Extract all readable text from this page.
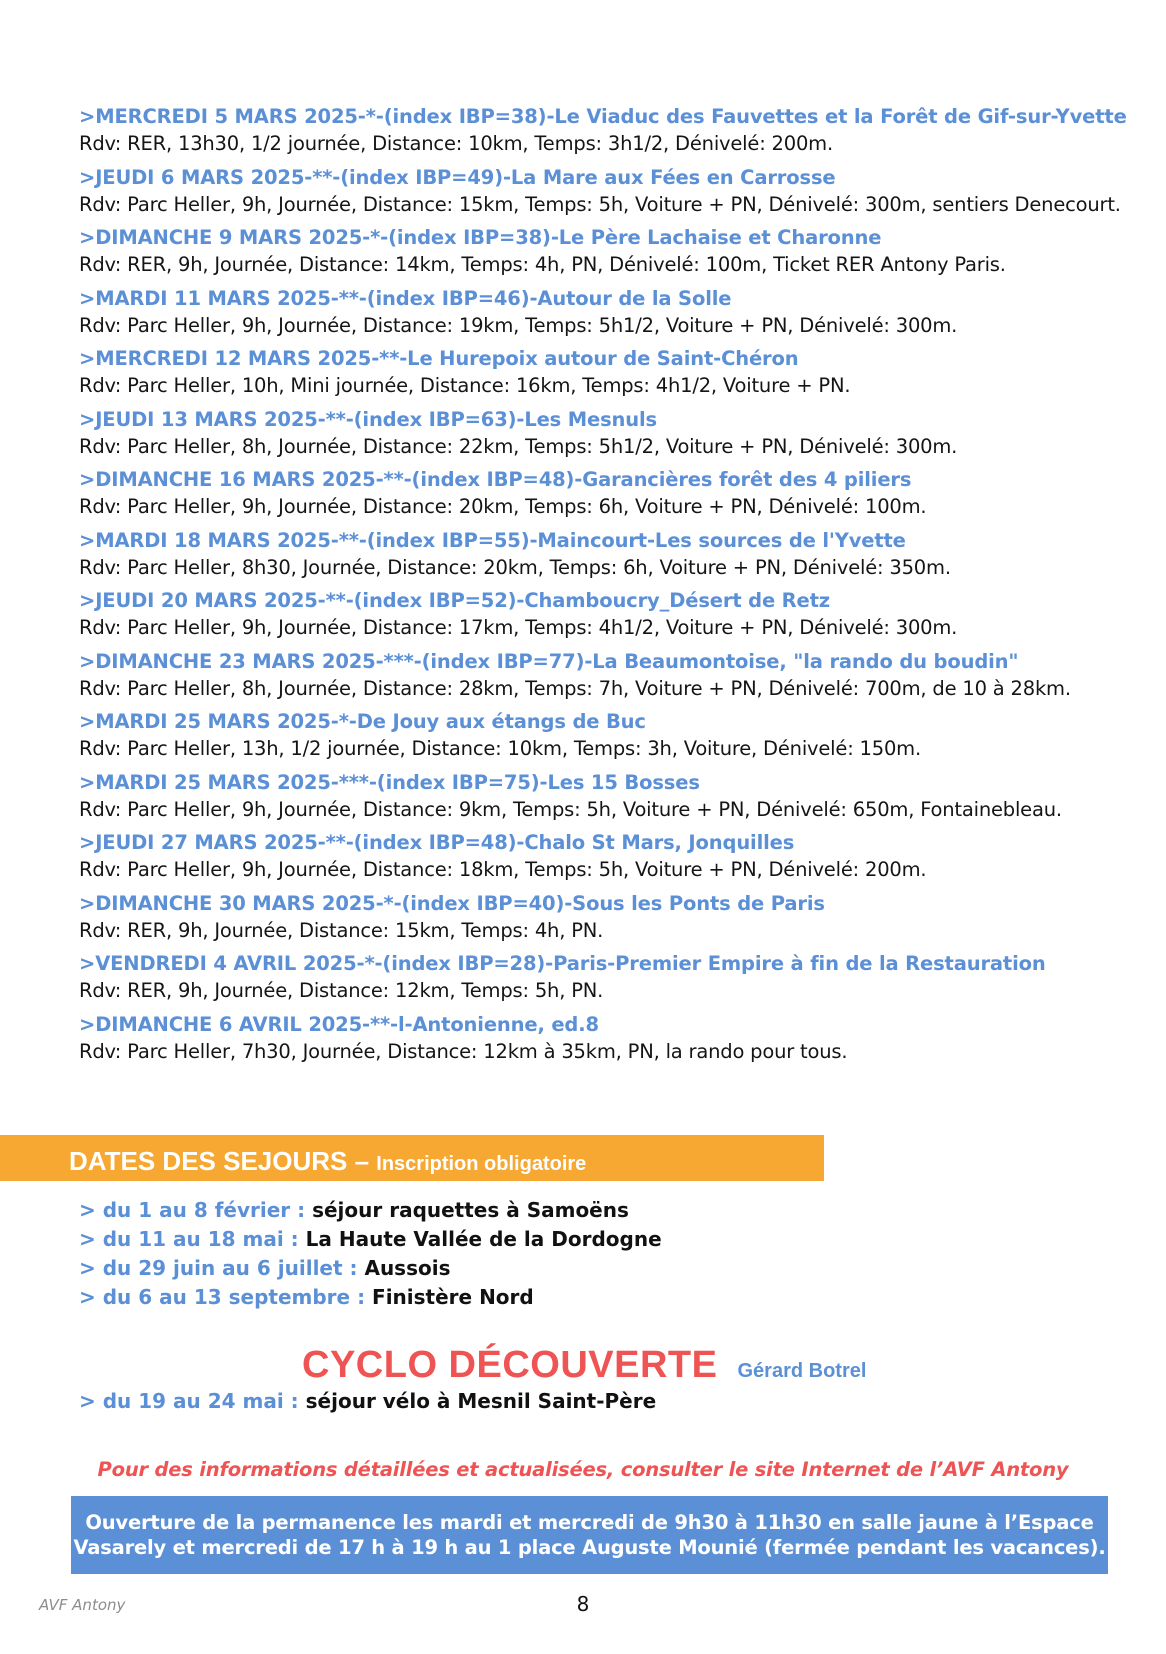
>MERCREDI 5 MARS 2025-*-(index IBP=38)-Le Viaduc des Fauvettes et la Forêt de Gif-sur-Yvette
Rdv: RER, 13h30, 1/2 journée, Distance: 10km, Temps: 3h1/2, Dénivelé: 200m.
>JEUDI 6 MARS 2025-**-(index IBP=49)-La Mare aux Fées en Carrosse
Rdv: Parc Heller, 9h, Journée, Distance: 15km, Temps: 5h, Voiture + PN, Dénivelé: 300m, sentiers Denecourt.
>DIMANCHE 9 MARS 2025-*-(index IBP=38)-Le Père Lachaise et Charonne
Rdv: RER, 9h, Journée, Distance: 14km, Temps: 4h, PN, Dénivelé: 100m, Ticket RER Antony Paris.
>MARDI 11 MARS 2025-**-(index IBP=46)-Autour de la Solle
Rdv: Parc Heller, 9h, Journée, Distance: 19km, Temps: 5h1/2, Voiture + PN, Dénivelé: 300m.
>MERCREDI 12 MARS 2025-**-Le Hurepoix autour de Saint-Chéron
Rdv: Parc Heller, 10h, Mini journée, Distance: 16km, Temps: 4h1/2, Voiture + PN.
>JEUDI 13 MARS 2025-**-(index IBP=63)-Les Mesnuls
Rdv: Parc Heller, 8h, Journée, Distance: 22km, Temps: 5h1/2, Voiture + PN, Dénivelé: 300m.
>DIMANCHE 16 MARS 2025-**-(index IBP=48)-Garancières forêt des 4 piliers
Rdv: Parc Heller, 9h, Journée, Distance: 20km, Temps: 6h, Voiture + PN, Dénivelé: 100m.
>MARDI 18 MARS 2025-**-(index IBP=55)-Maincourt-Les sources de l'Yvette
Rdv: Parc Heller, 8h30, Journée, Distance: 20km, Temps: 6h, Voiture + PN, Dénivelé: 350m.
>JEUDI 20 MARS 2025-**-(index IBP=52)-Chamboucry_Désert de Retz
Rdv: Parc Heller, 9h, Journée, Distance: 17km, Temps: 4h1/2, Voiture + PN, Dénivelé: 300m.
>DIMANCHE 23 MARS 2025-***-(index IBP=77)-La Beaumontoise, "la rando du boudin"
Rdv: Parc Heller, 8h, Journée, Distance: 28km, Temps: 7h, Voiture + PN, Dénivelé: 700m, de 10 à 28km.
>MARDI 25 MARS 2025-*-De Jouy aux étangs de Buc
Rdv: Parc Heller, 13h, 1/2 journée, Distance: 10km, Temps: 3h, Voiture, Dénivelé: 150m.
>MARDI 25 MARS 2025-***-(index IBP=75)-Les 15 Bosses
Rdv: Parc Heller, 9h, Journée, Distance: 9km, Temps: 5h, Voiture + PN, Dénivelé: 650m, Fontainebleau.
>JEUDI 27 MARS 2025-**-(index IBP=48)-Chalo St Mars, Jonquilles
Rdv: Parc Heller, 9h, Journée, Distance: 18km, Temps: 5h, Voiture + PN, Dénivelé: 200m.
>DIMANCHE 30 MARS 2025-*-(index IBP=40)-Sous les Ponts de Paris
Rdv: RER, 9h, Journée, Distance: 15km, Temps: 4h, PN.
>VENDREDI 4 AVRIL 2025-*-(index IBP=28)-Paris-Premier Empire à fin de la Restauration
Rdv: RER, 9h, Journée, Distance: 12km, Temps: 5h, PN.
>DIMANCHE 6 AVRIL 2025-**-l-Antonienne, ed.8
Rdv: Parc Heller, 7h30, Journée, Distance: 12km à 35km, PN, la rando pour tous.
DATES DES SEJOURS – Inscription obligatoire
> du 1 au 8 février : séjour raquettes à Samoëns
> du 11 au 18 mai : La Haute Vallée de la Dordogne
> du 29 juin au 6 juillet : Aussois
> du 6 au 13 septembre : Finistère Nord
CYCLO DÉCOUVERTE Gérard Botrel
> du 19 au 24 mai : séjour vélo à Mesnil Saint-Père
Pour des informations détaillées et actualisées, consulter le site Internet de l’AVF Antony
Ouverture de la permanence les mardi et mercredi de 9h30 à 11h30 en salle jaune à l’Espace
Vasarely et mercredi de 17 h à 19 h au 1 place Auguste Mounié (fermée pendant les vacances).
AVF Antony	8
